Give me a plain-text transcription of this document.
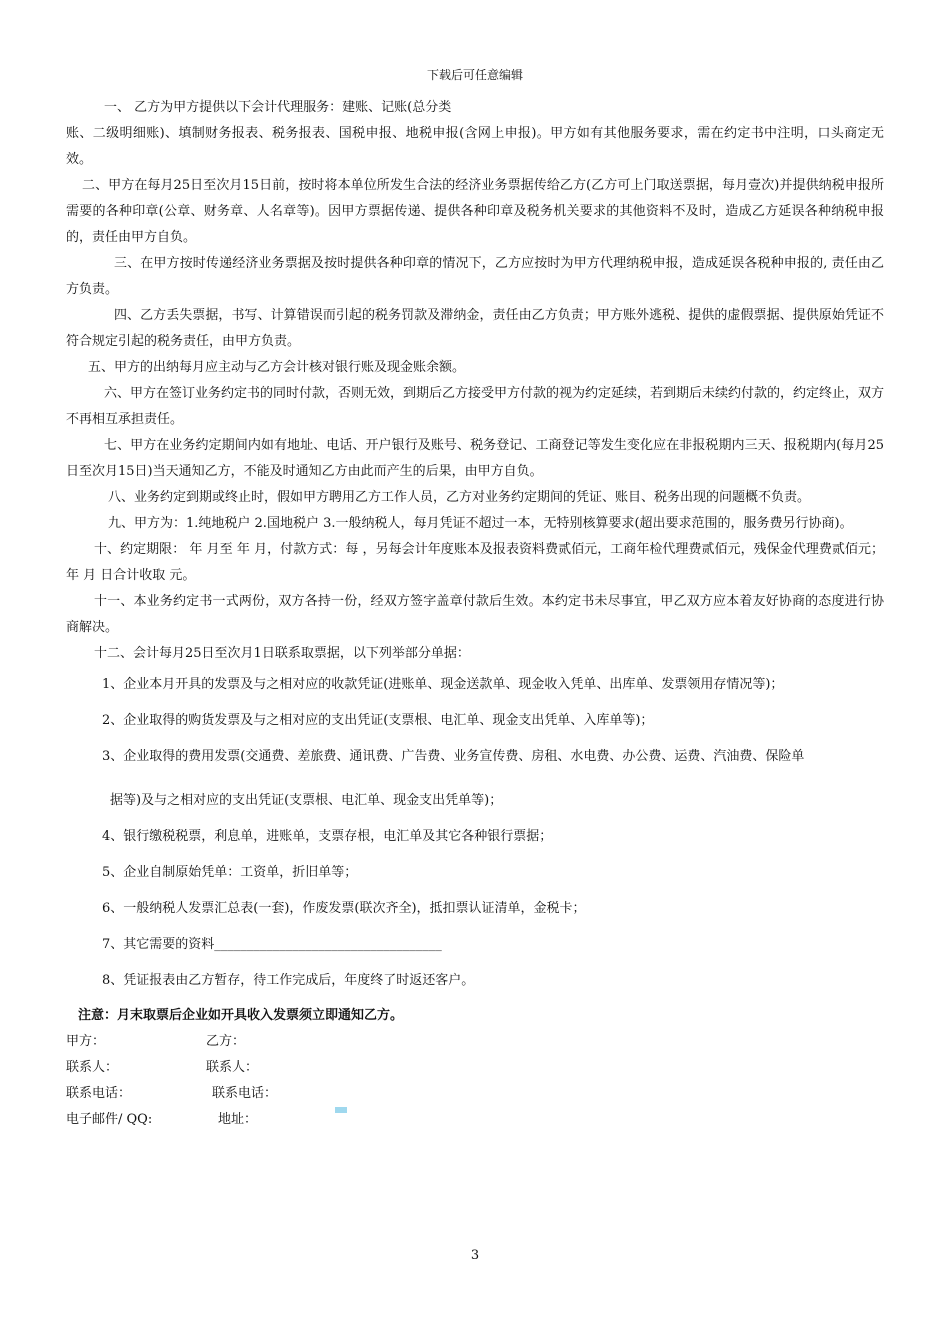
下载后可任意编辑

一、 乙方为甲方提供以下会计代理服务：建账、记账(总分类

账、二级明细账)、填制财务报表、税务报表、国税申报、地税申报(含网上申报)。甲方如有其他服务要求，需在约定书中注明，口头商定无效。

二、甲方在每月25日至次月15日前，按时将本单位所发生合法的经济业务票据传给乙方(乙方可上门取送票据，每月壹次)并提供纳税申报所需要的各种印章(公章、财务章、人名章等)。因甲方票据传递、提供各种印章及税务机关要求的其他资料不及时，造成乙方延误各种纳税申报的，责任由甲方自负。

三、在甲方按时传递经济业务票据及按时提供各种印章的情况下，乙方应按时为甲方代理纳税申报，造成延误各税种申报的, 责任由乙方负责。

四、乙方丢失票据，书写、计算错误而引起的税务罚款及滞纳金，责任由乙方负责；甲方账外逃税、提供的虚假票据、提供原始凭证不符合规定引起的税务责任，由甲方负责。

五、甲方的出纳每月应主动与乙方会计核对银行账及现金账余额。

六、甲方在签订业务约定书的同时付款，否则无效，到期后乙方接受甲方付款的视为约定延续，若到期后未续约付款的，约定终止，双方不再相互承担责任。

七、甲方在业务约定期间内如有地址、电话、开户银行及账号、税务登记、工商登记等发生变化应在非报税期内三天、报税期内(每月25日至次月15日)当天通知乙方，不能及时通知乙方由此而产生的后果，由甲方自负。

八、业务约定到期或终止时，假如甲方聘用乙方工作人员，乙方对业务约定期间的凭证、账目、税务出现的问题概不负责。

九、甲方为：1.纯地税户 2.国地税户 3.一般纳税人，每月凭证不超过一本，无特别核算要求(超出要求范围的，服务费另行协商)。

十、约定期限： 年 月至 年 月，付款方式：每 ，另每会计年度账本及报表资料费贰佰元，工商年检代理费贰佰元，残保金代理费贰佰元； 年 月 日合计收取 元。

十一、本业务约定书一式两份，双方各持一份，经双方签字盖章付款后生效。本约定书未尽事宜，甲乙双方应本着友好协商的态度进行协商解决。

十二、会计每月25日至次月1日联系取票据，以下列举部分单据：

1、企业本月开具的发票及与之相对应的收款凭证(进账单、现金送款单、现金收入凭单、出库单、发票领用存情况等)；
2、企业取得的购货发票及与之相对应的支出凭证(支票根、电汇单、现金支出凭单、入库单等)；
3、企业取得的费用发票(交通费、差旅费、通讯费、广告费、业务宣传费、房租、水电费、办公费、运费、汽油费、保险单
据等)及与之相对应的支出凭证(支票根、电汇单、现金支出凭单等)；
4、银行缴税税票，利息单，进账单，支票存根，电汇单及其它各种银行票据；
5、企业自制原始凭单：工资单，折旧单等；
6、一般纳税人发票汇总表(一套)，作废发票(联次齐全)，抵扣票认证清单，金税卡；
7、其它需要的资料___________________________________
8、凭证报表由乙方暂存，待工作完成后，年度终了时返还客户。
注意：月末取票后企业如开具收入发票须立即通知乙方。
甲方：	乙方：
联系人：	联系人：
联系电话：	联系电话：
电子邮件/ QQ:	地址：
3
